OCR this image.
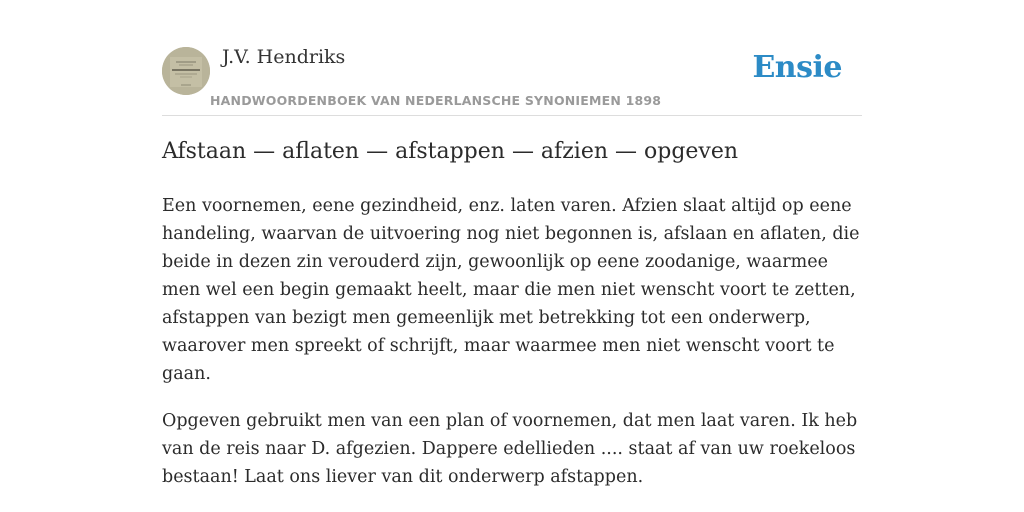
J.V. Hendriks
HANDWOORDENBOEK VAN NEDERLANSCHE SYNONIEMEN 1898
Ensie
Afstaan — aflaten — afstappen — afzien — opgeven

Een voornemen, eene gezindheid, enz. laten varen. Afzien slaat altijd op eene handeling, waarvan de uitvoering nog niet begonnen is, afslaan en aflaten, die beide in dezen zin verouderd zijn, gewoonlijk op eene zoodanige, waarmee men wel een begin gemaakt heelt, maar die men niet wenscht voort te zetten, afstappen van bezigt men gemeenlijk met betrekking tot een onderwerp, waarover men spreekt of schrijft, maar waarmee men niet wenscht voort te gaan.

Opgeven gebruikt men van een plan of voornemen, dat men laat varen. Ik heb van de reis naar D. afgezien. Dappere edellieden .... staat af van uw roekeloos bestaan! Laat ons liever van dit onderwerp afstappen.
